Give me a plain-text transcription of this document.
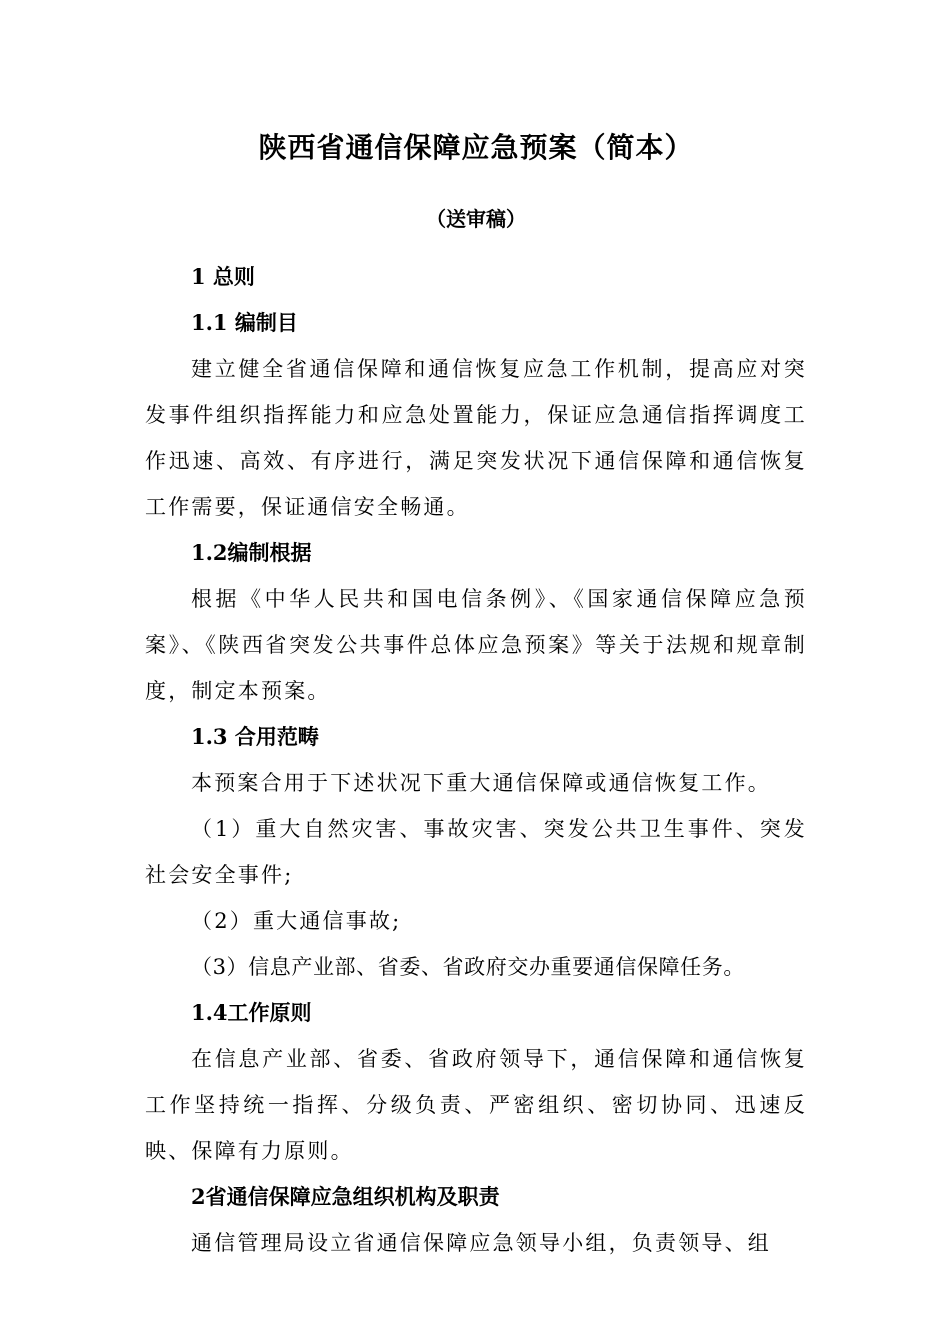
陕西省通信保障应急预案（简本）
（送审稿）
1 总则
1.1 编制目

建立健全省通信保障和通信恢复应急工作机制，提高应对突发事件组织指挥能力和应急处置能力，保证应急通信指挥调度工作迅速、高效、有序进行，满足突发状况下通信保障和通信恢复工作需要，保证通信安全畅通。

1.2编制根据

根据《中华人民共和国电信条例》、《国家通信保障应急预案》、《陕西省突发公共事件总体应急预案》等关于法规和规章制度，制定本预案。

1.3 合用范畴

本预案合用于下述状况下重大通信保障或通信恢复工作。

（1）重大自然灾害、事故灾害、突发公共卫生事件、突发社会安全事件;

（2）重大通信事故;

（3）信息产业部、省委、省政府交办重要通信保障任务。

1.4工作原则

在信息产业部、省委、省政府领导下，通信保障和通信恢复工作坚持统一指挥、分级负责、严密组织、密切协同、迅速反映、保障有力原则。

2省通信保障应急组织机构及职责

通信管理局设立省通信保障应急领导小组，负责领导、组
